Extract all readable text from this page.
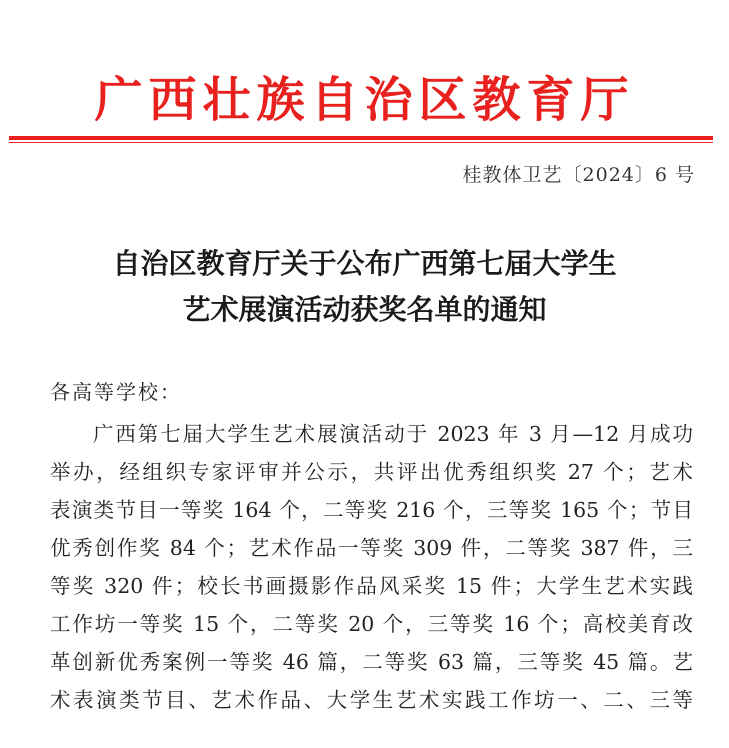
广西壮族自治区教育厅
桂教体卫艺〔2024〕6 号
自治区教育厅关于公布广西第七届大学生
艺术展演活动获奖名单的通知
各高等学校：
广西第七届大学生艺术展演活动于 2023 年 3 月—12 月成功
举办，经组织专家评审并公示，共评出优秀组织奖 27 个；艺术
表演类节目一等奖 164 个，二等奖 216 个，三等奖 165 个；节目
优秀创作奖 84 个；艺术作品一等奖 309 件，二等奖 387 件，三
等奖 320 件；校长书画摄影作品风采奖 15 件；大学生艺术实践
工作坊一等奖 15 个，二等奖 20 个，三等奖 16 个；高校美育改
革创新优秀案例一等奖 46 篇，二等奖 63 篇，三等奖 45 篇。艺
术表演类节目、艺术作品、大学生艺术实践工作坊一、二、三等
